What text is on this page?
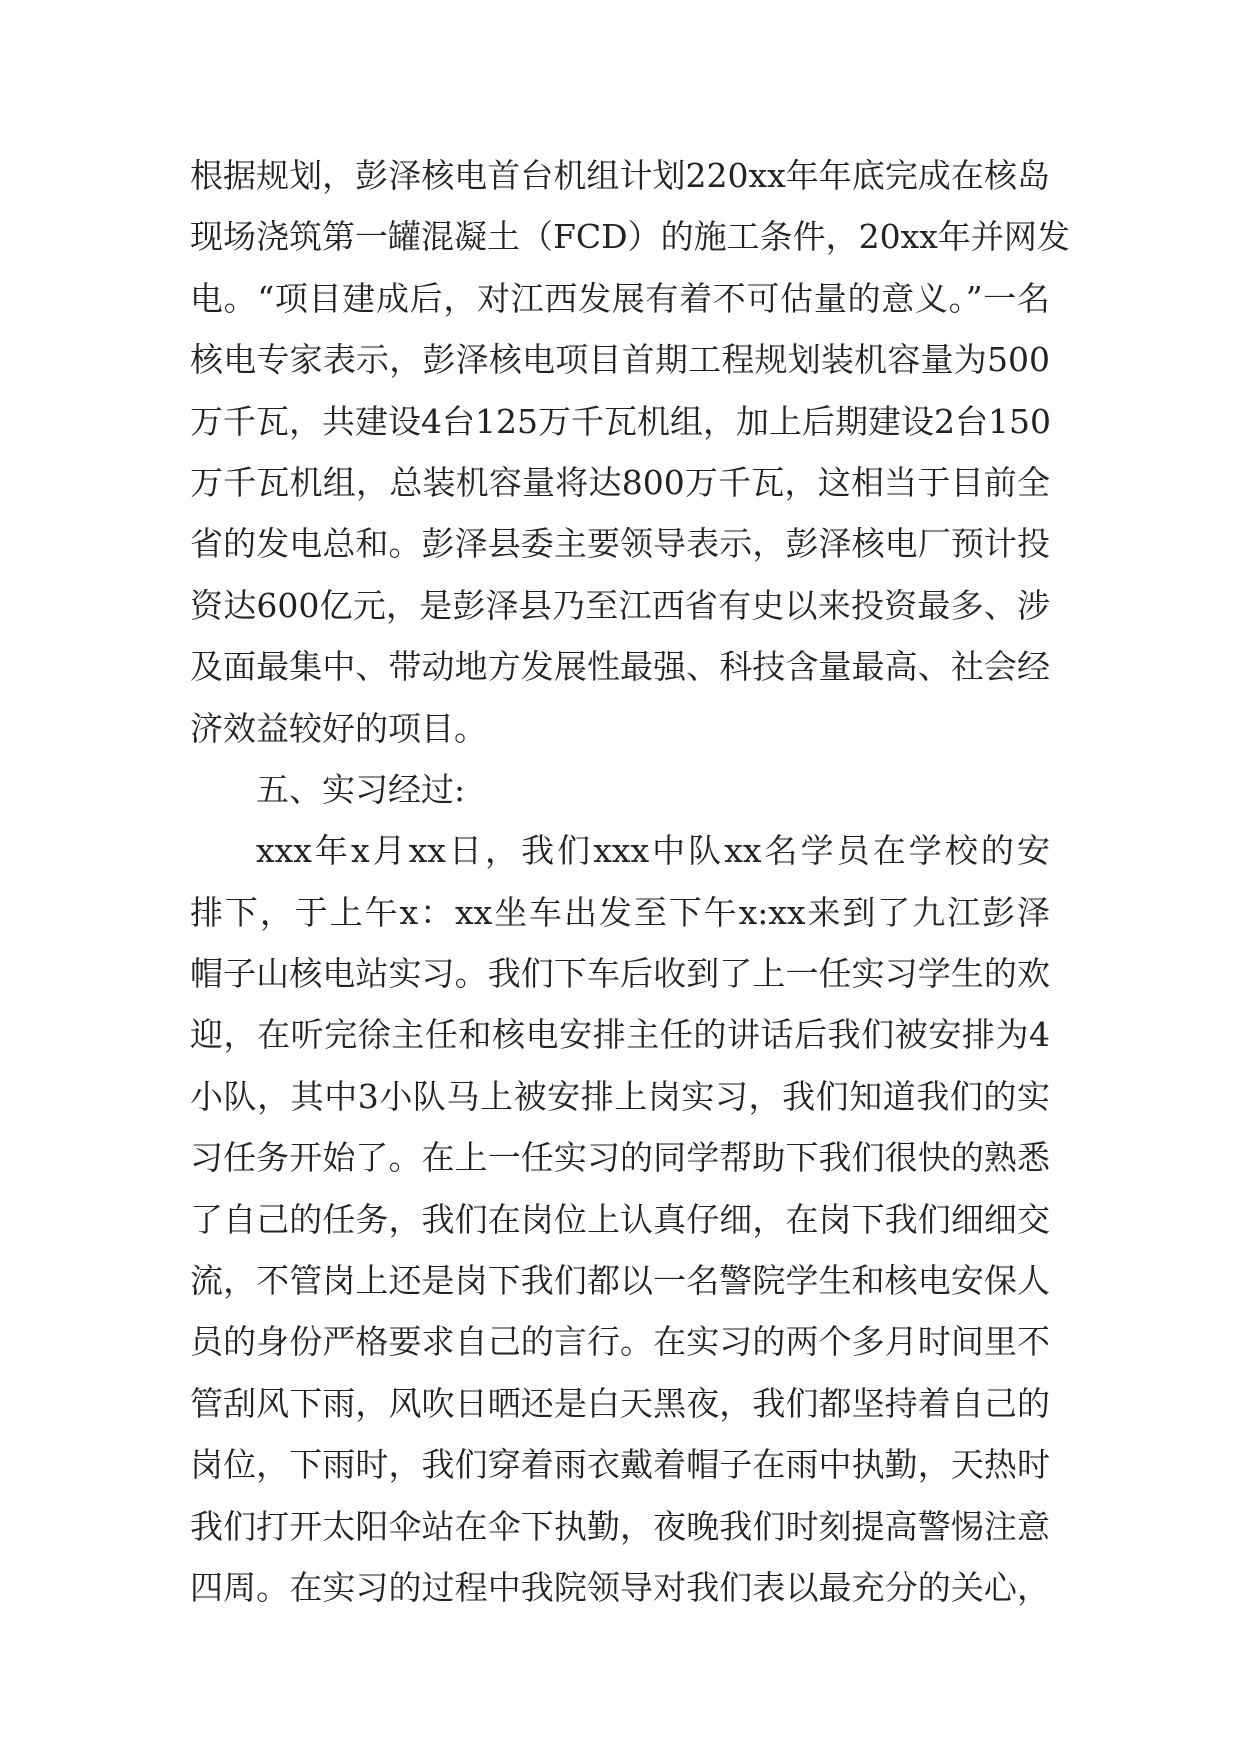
根据规划，彭泽核电首台机组计划220xx年年底完成在核岛
现场浇筑第一罐混凝土（FCD）的施工条件，20xx年并网发
电。“项目建成后，对江西发展有着不可估量的意义。”一名
核电专家表示，彭泽核电项目首期工程规划装机容量为500
万千瓦，共建设4台125万千瓦机组，加上后期建设2台150
万千瓦机组，总装机容量将达800万千瓦，这相当于目前全
省的发电总和。彭泽县委主要领导表示，彭泽核电厂预计投
资达600亿元，是彭泽县乃至江西省有史以来投资最多、涉
及面最集中、带动地方发展性最强、科技含量最高、社会经
济效益较好的项目。
五、实习经过:
xxx年x月xx日，我们xxx中队xx名学员在学校的安
排下，于上午x：xx坐车出发至下午x:xx来到了九江彭泽
帽子山核电站实习。我们下车后收到了上一任实习学生的欢
迎，在听完徐主任和核电安排主任的讲话后我们被安排为4
小队，其中3小队马上被安排上岗实习，我们知道我们的实
习任务开始了。在上一任实习的同学帮助下我们很快的熟悉
了自己的任务，我们在岗位上认真仔细，在岗下我们细细交
流，不管岗上还是岗下我们都以一名警院学生和核电安保人
员的身份严格要求自己的言行。在实习的两个多月时间里不
管刮风下雨，风吹日晒还是白天黑夜，我们都坚持着自己的
岗位，下雨时，我们穿着雨衣戴着帽子在雨中执勤，天热时
我们打开太阳伞站在伞下执勤，夜晚我们时刻提高警惕注意
四周。在实习的过程中我院领导对我们表以最充分的关心，
